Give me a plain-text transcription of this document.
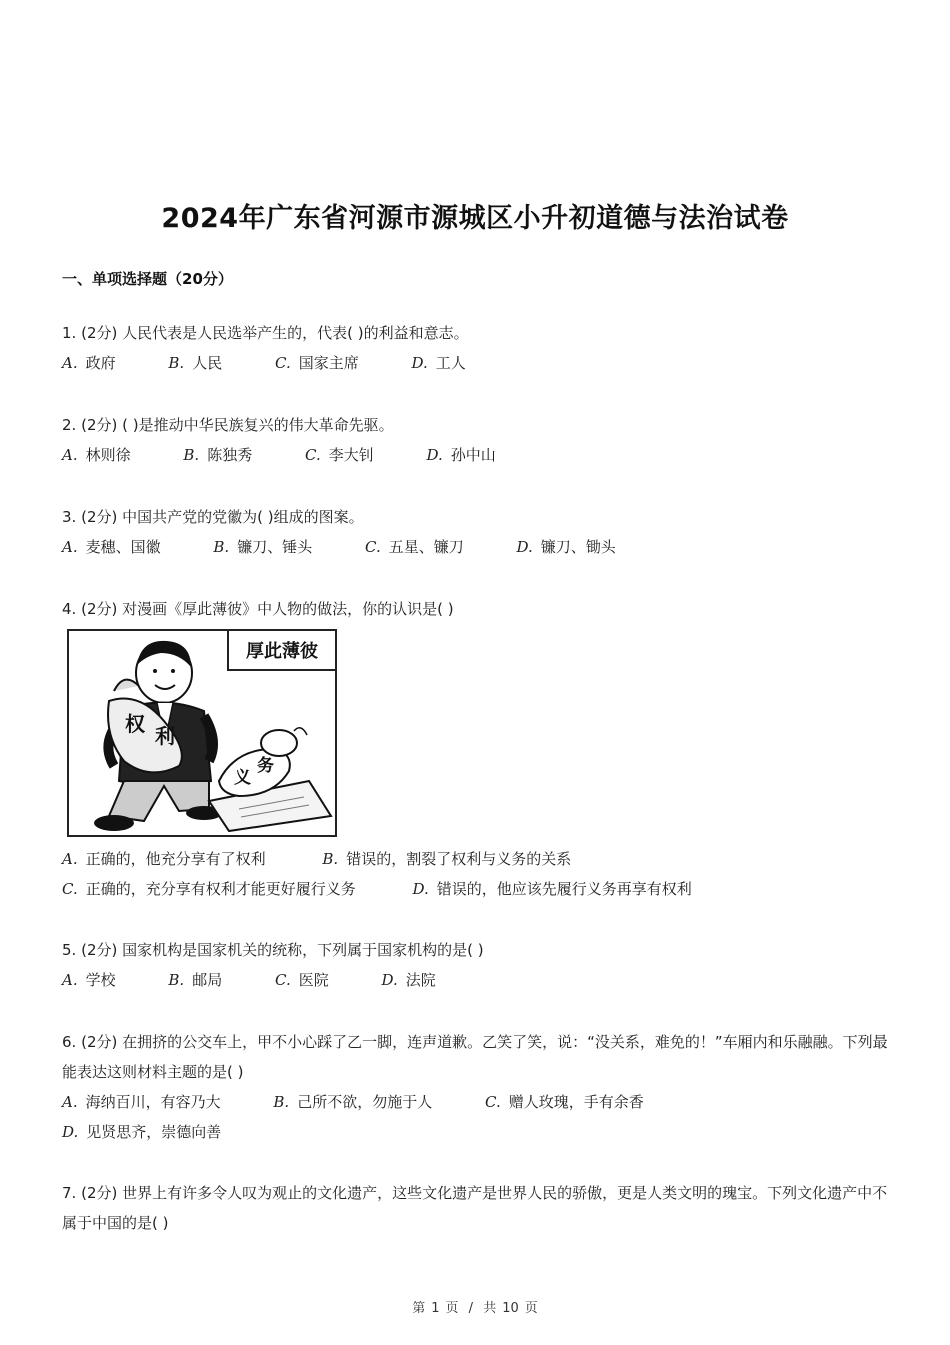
2024年广东省河源市源城区小升初道德与法治试卷
一、单项选择题（20分）
1. (2分) 人民代表是人民选举产生的，代表( )的利益和意志。
A. 政府	B. 人民	C. 国家主席	D. 工人
2. (2分) ( )是推动中华民族复兴的伟大革命先驱。
A. 林则徐	B. 陈独秀	C. 李大钊	D. 孙中山
3. (2分) 中国共产党的党徽为( )组成的图案。
A. 麦穗、国徽	B. 镰刀、锤头	C. 五星、镰刀	D. 镰刀、锄头
4. (2分) 对漫画《厚此薄彼》中人物的做法，你的认识是( )
权 利
义
务
厚此薄彼
A. 正确的，他充分享有了权利	B. 错误的，割裂了权利与义务的关系
C. 正确的，充分享有权利才能更好履行义务	D. 错误的，他应该先履行义务再享有权利
5. (2分) 国家机构是国家机关的统称，下列属于国家机构的是( )
A. 学校	B. 邮局	C. 医院	D. 法院
6. (2分) 在拥挤的公交车上，甲不小心踩了乙一脚，连声道歉。乙笑了笑，说：“没关系，难免的！”车厢内和乐融融。下列最能表达这则材料主题的是( )
A. 海纳百川，有容乃大	B. 己所不欲，勿施于人	C. 赠人玫瑰，手有余香
D. 见贤思齐，崇德向善
7. (2分) 世界上有许多令人叹为观止的文化遗产，这些文化遗产是世界人民的骄傲，更是人类文明的瑰宝。下列文化遗产中不属于中国的是( )
第 1 页 / 共 10 页
